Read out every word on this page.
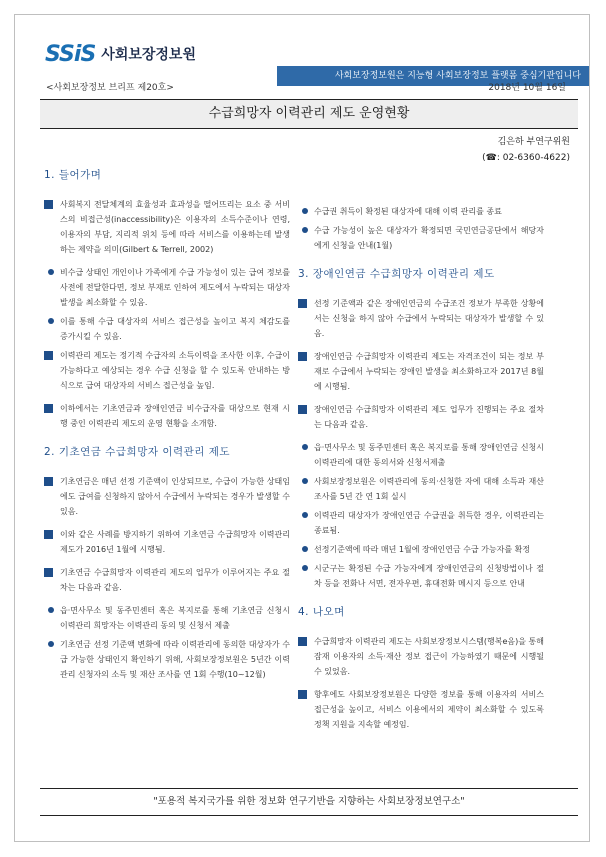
SSiS 사회보장정보원
사회보장정보원은 지능형 사회보장정보 플랫폼 중심기관입니다
<사회보장정보 브리프 제20호>	2018년 10월 16일
수급희망자 이력관리 제도 운영현황
김은하 부연구위원
(☎: 02-6360-4622)
1. 들어가며
사회복지 전달체계의 효율성과 효과성을 떨어뜨리는 요소 중 서비스의 비접근성(inaccessibility)은 이용자의 소득수준이나 연령, 이용자의 부담, 지리적 위치 등에 따라 서비스를 이용하는데 발생하는 제약을 의미(Gilbert & Terrell, 2002)
비수급 상태인 개인이나 가족에게 수급 가능성이 있는 급여 정보를 사전에 전달한다면, 정보 부재로 인하여 제도에서 누락되는 대상자 발생을 최소화할 수 있음.
이를 통해 수급 대상자의 서비스 접근성을 높이고 복지 체감도를 증가시킬 수 있음.
이력관리 제도는 정기적 수급자의 소득이력을 조사한 이후, 수급이 가능하다고 예상되는 경우 수급 신청을 할 수 있도록 안내하는 방식으로 급여 대상자의 서비스 접근성을 높임.
이하에서는 기초연금과 장애인연금 비수급자를 대상으로 현재 시행 중인 이력관리 제도의 운영 현황을 소개함.
2. 기초연금 수급희망자 이력관리 제도
기초연금은 매년 선정 기준액이 인상되므로, 수급이 가능한 상태임에도 급여를 신청하지 않아서 수급에서 누락되는 경우가 발생할 수 있음.
이와 같은 사례를 방지하기 위하여 기초연금 수급희망자 이력관리 제도가 2016년 1월에 시행됨.
기초연금 수급희망자 이력관리 제도의 업무가 이루어지는 주요 절차는 다음과 같음.
읍·면사무소 및 동주민센터 혹은 복지로를 통해 기초연금 신청시 이력관리 희망자는 이력관리 동의 및 신청서 제출
기초연금 선정 기준액 변화에 따라 이력관리에 동의한 대상자가 수급 가능한 상태인지 확인하기 위해, 사회보장정보원은 5년간 이력관리 신청자의 소득 및 재산 조사를 연 1회 수행(10~12월)
수급권 취득이 확정된 대상자에 대해 이력 관리를 종료
수급 가능성이 높은 대상자가 확정되면 국민연금공단에서 해당자에게 신청을 안내(1월)
3. 장애인연금 수급희망자 이력관리 제도
선정 기준액과 같은 장애인연금의 수급조건 정보가 부족한 상황에서는 신청을 하지 않아 수급에서 누락되는 대상자가 발생할 수 있음.
장애인연금 수급희망자 이력관리 제도는 자격조건이 되는 정보 부재로 수급에서 누락되는 장애인 발생을 최소화하고자 2017년 8월에 시행됨.
장애인연금 수급희망자 이력관리 제도 업무가 진행되는 주요 절차는 다음과 같음.
읍·면사무소 및 동주민센터 혹은 복지로를 통해 장애인연금 신청시 이력관리에 대한 동의서와 신청서제출
사회보장정보원은 이력관리에 동의·신청한 자에 대해 소득과 재산 조사를 5년 간 연 1회 실시
이력관리 대상자가 장애인연금 수급권을 취득한 경우, 이력관리는 종료됨.
선정기준액에 따라 매년 1월에 장애인연금 수급 가능자를 확정
시군구는 확정된 수급 가능자에게 장애인연금의 신청방법이나 절차 등을 전화나 서면, 전자우편, 휴대전화 메시지 등으로 안내
4. 나오며
수급희망자 이력관리 제도는 사회보장정보시스템(행복e음)을 통해 잠재 이용자의 소득·재산 정보 접근이 가능하였기 때문에 시행될 수 있었음.
향후에도 사회보장정보원은 다양한 정보를 통해 이용자의 서비스 접근성을 높이고, 서비스 이용에서의 제약이 최소화할 수 있도록 정책 지원을 지속할 예정임.
"포용적 복지국가를 위한 정보화 연구기반을 지향하는 사회보장정보연구소"
